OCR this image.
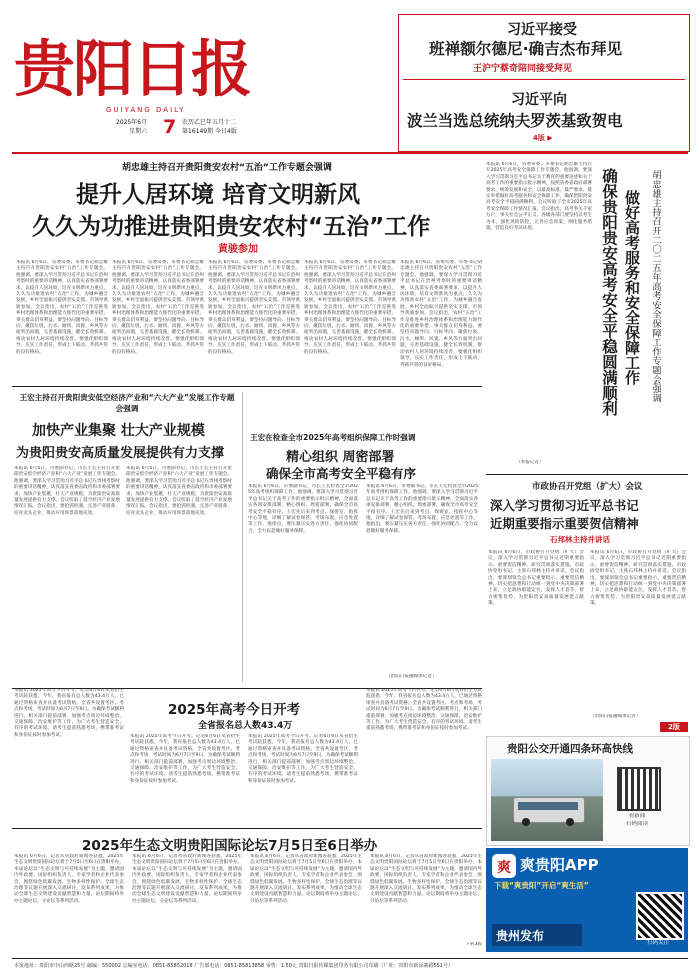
贵阳日报
GUIYANG DAILY
2025年6月
星期六 7 农历乙巳年五月十二
第16149期 今日4版
习近平接受
班禅额尔德尼·确吉杰布拜见
王沪宁蔡奇陪同接受拜见
习近平向
波兰当选总统纳夫罗茨基致贺电
4版 ▶
胡忠雄主持召开贵阳贵安农村“五治”工作专题会强调
提升人居环境 培育文明新风
久久为功推进贵阳贵安农村“五治”工作
黄骏参加
本报讯 6月6日，省委常委、市委书记胡忠雄主持召开贵阳贵安农村“五治”工作专题会。他强调，要深入学习贯彻习近平总书记在贵州考察时的重要讲话精神，认真落实省委部署要求，以提升人居环境、培育文明新风为重点，久久为功推进农村“五治”工作，为城乡融合发展、乡村全面振兴提供坚实支撑。市领导黄骏参加。会议指出，农村“五治”工作是推进乡村治理体系和治理能力现代化的重要举措，事关群众切身利益。要坚持问题导向、目标导向，聚焦垃圾、污水、厕所、风貌、乡风等方面突出问题，完善基础设施，健全长效机制，推动农村人居环境持续改善。要强化组织领导，压实工作责任，形成上下联动、齐抓共管的良好格局。
本报讯 6月6日，省委常委、市委书记胡忠雄主持召开贵阳贵安农村“五治”工作专题会。他强调，要深入学习贯彻习近平总书记在贵州考察时的重要讲话精神，认真落实省委部署要求，以提升人居环境、培育文明新风为重点，久久为功推进农村“五治”工作，为城乡融合发展、乡村全面振兴提供坚实支撑。市领导黄骏参加。会议指出，农村“五治”工作是推进乡村治理体系和治理能力现代化的重要举措，事关群众切身利益。要坚持问题导向、目标导向，聚焦垃圾、污水、厕所、风貌、乡风等方面突出问题，完善基础设施，健全长效机制，推动农村人居环境持续改善。要强化组织领导，压实工作责任，形成上下联动、齐抓共管的良好格局。
本报讯 6月6日，省委常委、市委书记胡忠雄主持召开贵阳贵安农村“五治”工作专题会。他强调，要深入学习贯彻习近平总书记在贵州考察时的重要讲话精神，认真落实省委部署要求，以提升人居环境、培育文明新风为重点，久久为功推进农村“五治”工作，为城乡融合发展、乡村全面振兴提供坚实支撑。市领导黄骏参加。会议指出，农村“五治”工作是推进乡村治理体系和治理能力现代化的重要举措，事关群众切身利益。要坚持问题导向、目标导向，聚焦垃圾、污水、厕所、风貌、乡风等方面突出问题，完善基础设施，健全长效机制，推动农村人居环境持续改善。要强化组织领导，压实工作责任，形成上下联动、齐抓共管的良好格局。
本报讯 6月6日，省委常委、市委书记胡忠雄主持召开贵阳贵安农村“五治”工作专题会。他强调，要深入学习贯彻习近平总书记在贵州考察时的重要讲话精神，认真落实省委部署要求，以提升人居环境、培育文明新风为重点，久久为功推进农村“五治”工作，为城乡融合发展、乡村全面振兴提供坚实支撑。市领导黄骏参加。会议指出，农村“五治”工作是推进乡村治理体系和治理能力现代化的重要举措，事关群众切身利益。要坚持问题导向、目标导向，聚焦垃圾、污水、厕所、风貌、乡风等方面突出问题，完善基础设施，健全长效机制，推动农村人居环境持续改善。要强化组织领导，压实工作责任，形成上下联动、齐抓共管的良好格局。
本报讯 6月6日，省委常委、市委书记胡忠雄主持召开贵阳贵安农村“五治”工作专题会。他强调，要深入学习贯彻习近平总书记在贵州考察时的重要讲话精神，认真落实省委部署要求，以提升人居环境、培育文明新风为重点，久久为功推进农村“五治”工作，为城乡融合发展、乡村全面振兴提供坚实支撑。市领导黄骏参加。会议指出，农村“五治”工作是推进乡村治理体系和治理能力现代化的重要举措，事关群众切身利益。要坚持问题导向、目标导向，聚焦垃圾、污水、厕所、风貌、乡风等方面突出问题，完善基础设施，健全长效机制，推动农村人居环境持续改善。要强化组织领导，压实工作责任，形成上下联动、齐抓共管的良好格局。
本报讯 6月6日，省委常委、市委书记胡忠雄主持召开2025年高考安全保障工作专题会。他强调，要深入学习贯彻习近平总书记关于教育的重要论述和关于高考工作的重要指示批示精神，按照省委省政府部署要求，统筹发展和安全，以最高标准、最严要求、最实举措做好高考服务和安全保障工作，确保贵阳贵安高考安全平稳圆满顺利。会议听取了全市2025年高考安全保障工作情况汇报。会议指出，高考事关千家万户，事关社会公平正义。各级各部门要坚持以考生为本，强化风险防控，完善应急预案，细化服务措施，营造良好考试环境。	确保贵阳贵安高考安全平稳圆满顺利 做好高考服务和安全保障工作 胡忠雄主持召开二〇二五年高考安全保障工作专题会强调
（本报记者）
王宏主持召开贵阳贵安低空经济产业和“六大产业”发展工作专题会强调
加快产业集聚 壮大产业规模
为贵阳贵安高质量发展提供有力支撑
本报讯 6月5日，市委副书记、市长王宏主持召开贵阳贵安低空经济产业和“六大产业”发展工作专题会。他强调，要深入学习贯彻习近平总书记在贵州考察时的重要讲话精神，认真落实省委省政府和市委部署要求，加快产业集聚，壮大产业规模，为贵阳贵安高质量发展提供有力支撑。会议听取了低空经济产业发展情况汇报。会议指出，要抢抓机遇，完善产业链条，培育龙头企业，推动应用场景落地见效。
本报讯 6月5日，市委副书记、市长王宏主持召开贵阳贵安低空经济产业和“六大产业”发展工作专题会。他强调，要深入学习贯彻习近平总书记在贵州考察时的重要讲话精神，认真落实省委省政府和市委部署要求，加快产业集聚，壮大产业规模，为贵阳贵安高质量发展提供有力支撑。会议听取了低空经济产业发展情况汇报。会议指出，要抢抓机遇，完善产业链条，培育龙头企业，推动应用场景落地见效。
王宏在检查全市2025年高考组织保障工作时强调
精心组织 周密部署
确保全市高考安全平稳有序
本报讯 6月6日，市委副书记、市长王宏检查全市2025年高考组织保障工作。他强调，要深入学习贯彻习近平总书记关于高考工作的重要指示批示精神，全面落实各项安排部署，精心组织、周密部署，确保全市高考安全平稳有序。王宏先后来到考点、保密室、指挥中心等地，详细了解试卷保管、考场布置、应急处置等工作。他指出，要压紧压实各方责任，强化协同配合，全力以赴做好服务保障。
本报讯 6月6日，市委副书记、市长王宏检查全市2025年高考组织保障工作。他强调，要深入学习贯彻习近平总书记关于高考工作的重要指示批示精神，全面落实各项安排部署，精心组织、周密部署，确保全市高考安全平稳有序。王宏先后来到考点、保密室、指挥中心等地，详细了解试卷保管、考场布置、应急处置等工作。他指出，要压紧压实各方责任，强化协同配合，全力以赴做好服务保障。
（贵阳日报融媒体记者）
市政协召开党组（扩大）会议
深入学习贯彻习近平总书记
近期重要指示重要贺信精神
石邦林主持并讲话
本报讯 6月6日，市政协召开党组（扩大）会议，深入学习贯彻习近平总书记近期重要指示、重要贺信精神，研究贯彻落实措施。市政协党组书记、主席石邦林主持并讲话。会议指出，要深刻领会总书记重要指示、重要贺信精神，切实把思想和行动统一到党中央决策部署上来，立足政协职能定位，发挥人才荟萃、智力密集优势，为贵阳贵安高质量发展建言献策。
本报讯 6月6日，市政协召开党组（扩大）会议，深入学习贯彻习近平总书记近期重要指示、重要贺信精神，研究贯彻落实措施。市政协党组书记、主席石邦林主持并讲话。会议指出，要深刻领会总书记重要指示、重要贺信精神，切实把思想和行动统一到党中央决策部署上来，立足政协职能定位，发挥人才荟萃、智力密集优势，为贵阳贵安高质量发展建言献策。
（贵阳日报融媒体记者）
2版
2025年高考今日开考
全省报名总人数43.4万
本报讯 2025年高考今日开考。记者6月6日从省招生考试院获悉，今年，我省报名总人数为43.4万人，已通过资格审查并具备考试资格。全省共设置考区、考点和考场，考试时间为6月7日至9日。为确保考试顺利进行，相关部门提前部署，加强考点周边环境整治、交通保障、治安维护等工作，为广大考生营造安全、有序的考试环境。请考生提前熟悉考场，携带准考证和身份证按时参加考试。	本报讯 2025年高考今日开考。记者6月6日从省招生考试院获悉，今年，我省报名总人数为43.4万人，已通过资格审查并具备考试资格。全省共设置考区、考点和考场，考试时间为6月7日至9日。为确保考试顺利进行，相关部门提前部署，加强考点周边环境整治、交通保障、治安维护等工作，为广大考生营造安全、有序的考试环境。请考生提前熟悉考场，携带准考证和身份证按时参加考试。
本报讯 2025年高考今日开考。记者6月6日从省招生考试院获悉，今年，我省报名总人数为43.4万人，已通过资格审查并具备考试资格。全省共设置考区、考点和考场，考试时间为6月7日至9日。为确保考试顺利进行，相关部门提前部署，加强考点周边环境整治、交通保障、治安维护等工作，为广大考生营造安全、有序的考试环境。请考生提前熟悉考场，携带准考证和身份证按时参加考试。
本报讯 2025年高考今日开考。记者6月6日从省招生考试院获悉，今年，我省报名总人数为43.4万人，已通过资格审查并具备考试资格。全省共设置考区、考点和考场，考试时间为6月7日至9日。为确保考试顺利进行，相关部门提前部署，加强考点周边环境整治、交通保障、治安维护等工作，为广大考生营造安全、有序的考试环境。请考生提前熟悉考场，携带准考证和身份证按时参加考试。
2025年生态文明贵阳国际论坛7月5日至6日举办
本报讯 6月6日，记者从省政府新闻办获悉，2025年生态文明贵阳国际论坛将于7月5日至6日在贵阳举办。本届论坛以“生态文明与可持续发展”为主题，邀请国内外政要、国际组织负责人、专家学者和企业代表参会，围绕绿色低碳发展、生物多样性保护、全球生态治理等议题开展深入交流研讨，发布系列成果，为推动全球生态文明建设贡献智慧和力量。论坛期间将举办主题论坛、分论坛等系列活动。
本报讯 6月6日，记者从省政府新闻办获悉，2025年生态文明贵阳国际论坛将于7月5日至6日在贵阳举办。本届论坛以“生态文明与可持续发展”为主题，邀请国内外政要、国际组织负责人、专家学者和企业代表参会，围绕绿色低碳发展、生物多样性保护、全球生态治理等议题开展深入交流研讨，发布系列成果，为推动全球生态文明建设贡献智慧和力量。论坛期间将举办主题论坛、分论坛等系列活动。
本报讯 6月6日，记者从省政府新闻办获悉，2025年生态文明贵阳国际论坛将于7月5日至6日在贵阳举办。本届论坛以“生态文明与可持续发展”为主题，邀请国内外政要、国际组织负责人、专家学者和企业代表参会，围绕绿色低碳发展、生物多样性保护、全球生态治理等议题开展深入交流研讨，发布系列成果，为推动全球生态文明建设贡献智慧和力量。论坛期间将举办主题论坛、分论坛等系列活动。
本报讯 6月6日，记者从省政府新闻办获悉，2025年生态文明贵阳国际论坛将于7月5日至6日在贵阳举办。本届论坛以“生态文明与可持续发展”为主题，邀请国内外政要、国际组织负责人、专家学者和企业代表参会，围绕绿色低碳发展、生物多样性保护、全球生态治理等议题开展深入交流研讨，发布系列成果，为推动全球生态文明建设贡献智慧和力量。论坛期间将举办主题论坛、分论坛等系列活动。
下转3版
贵阳公交开通四条环高快线
看新闻
扫码阅读
爽 爽贵阳APP
下载“爽贵阳”开启“爽生活”
贵州发布	扫码关注
本报地址：贵阳市中山西路25号 邮编：550002 总编室电话：0851-85852018 广告部电话：0851-85813858 零售：1.50元 贵阳日报传媒集团印务有限公司印刷（厂址：贵阳市新添寨路551号）
